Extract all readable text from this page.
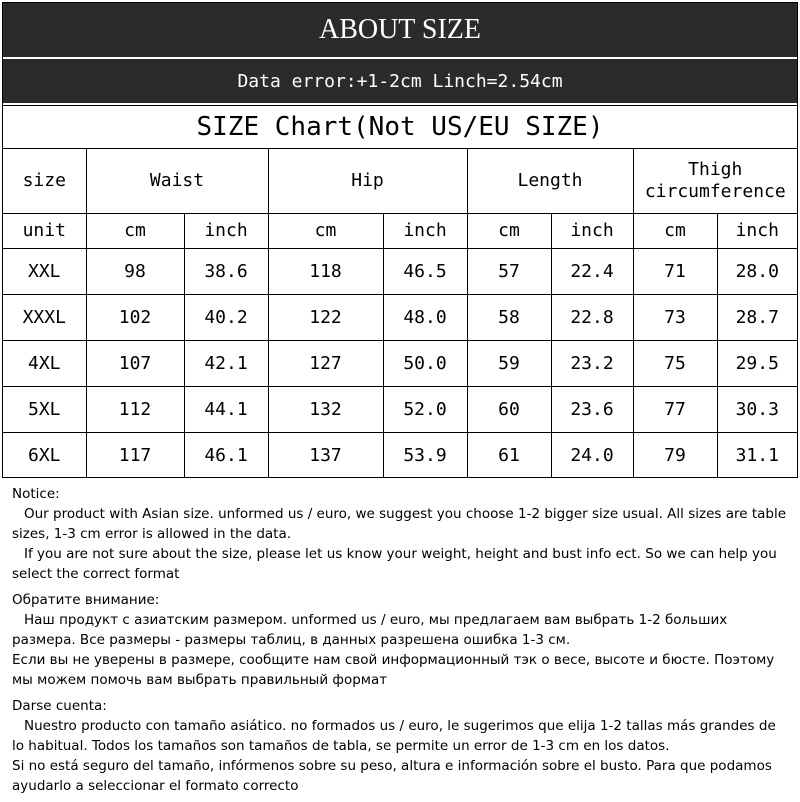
ABOUT SIZE
Data error:+1-2cm Linch=2.54cm
SIZE Chart(Not US/EU SIZE)
size	Waist		Hip		Length		Thigh
circumference	
unit	cm	inch	cm	inch	cm	inch	cm	inch
XXL	98	38.6	118	46.5	57	22.4	71	28.0
XXXL	102	40.2	122	48.0	58	22.8	73	28.7
4XL	107	42.1	127	50.0	59	23.2	75	29.5
5XL	112	44.1	132	52.0	60	23.6	77	30.3
6XL	117	46.1	137	53.9	61	24.0	79	31.1

Notice:

Our product with Asian size. unformed us / euro, we suggest you choose 1-2 bigger size usual. All sizes are table sizes, 1-3 cm error is allowed in the data.

If you are not sure about the size, please let us know your weight, height and bust info ect. So we can help you select the correct format

Обратите внимание:

Наш продукт с азиатским размером. unformed us / euro, мы предлагаем вам выбрать 1-2 больших размера. Все размеры - размеры таблиц, в данных разрешена ошибка 1-3 см.

Если вы не уверены в размере, сообщите нам свой информационный тэк о весе, высоте и бюсте. Поэтому мы можем помочь вам выбрать правильный формат

Darse cuenta:

Nuestro producto con tamaño asiático. no formados us / euro, le sugerimos que elija 1-2 tallas más grandes de lo habitual. Todos los tamaños son tamaños de tabla, se permite un error de 1-3 cm en los datos.

Si no está seguro del tamaño, infórmenos sobre su peso, altura e información sobre el busto. Para que podamos ayudarlo a seleccionar el formato correcto
